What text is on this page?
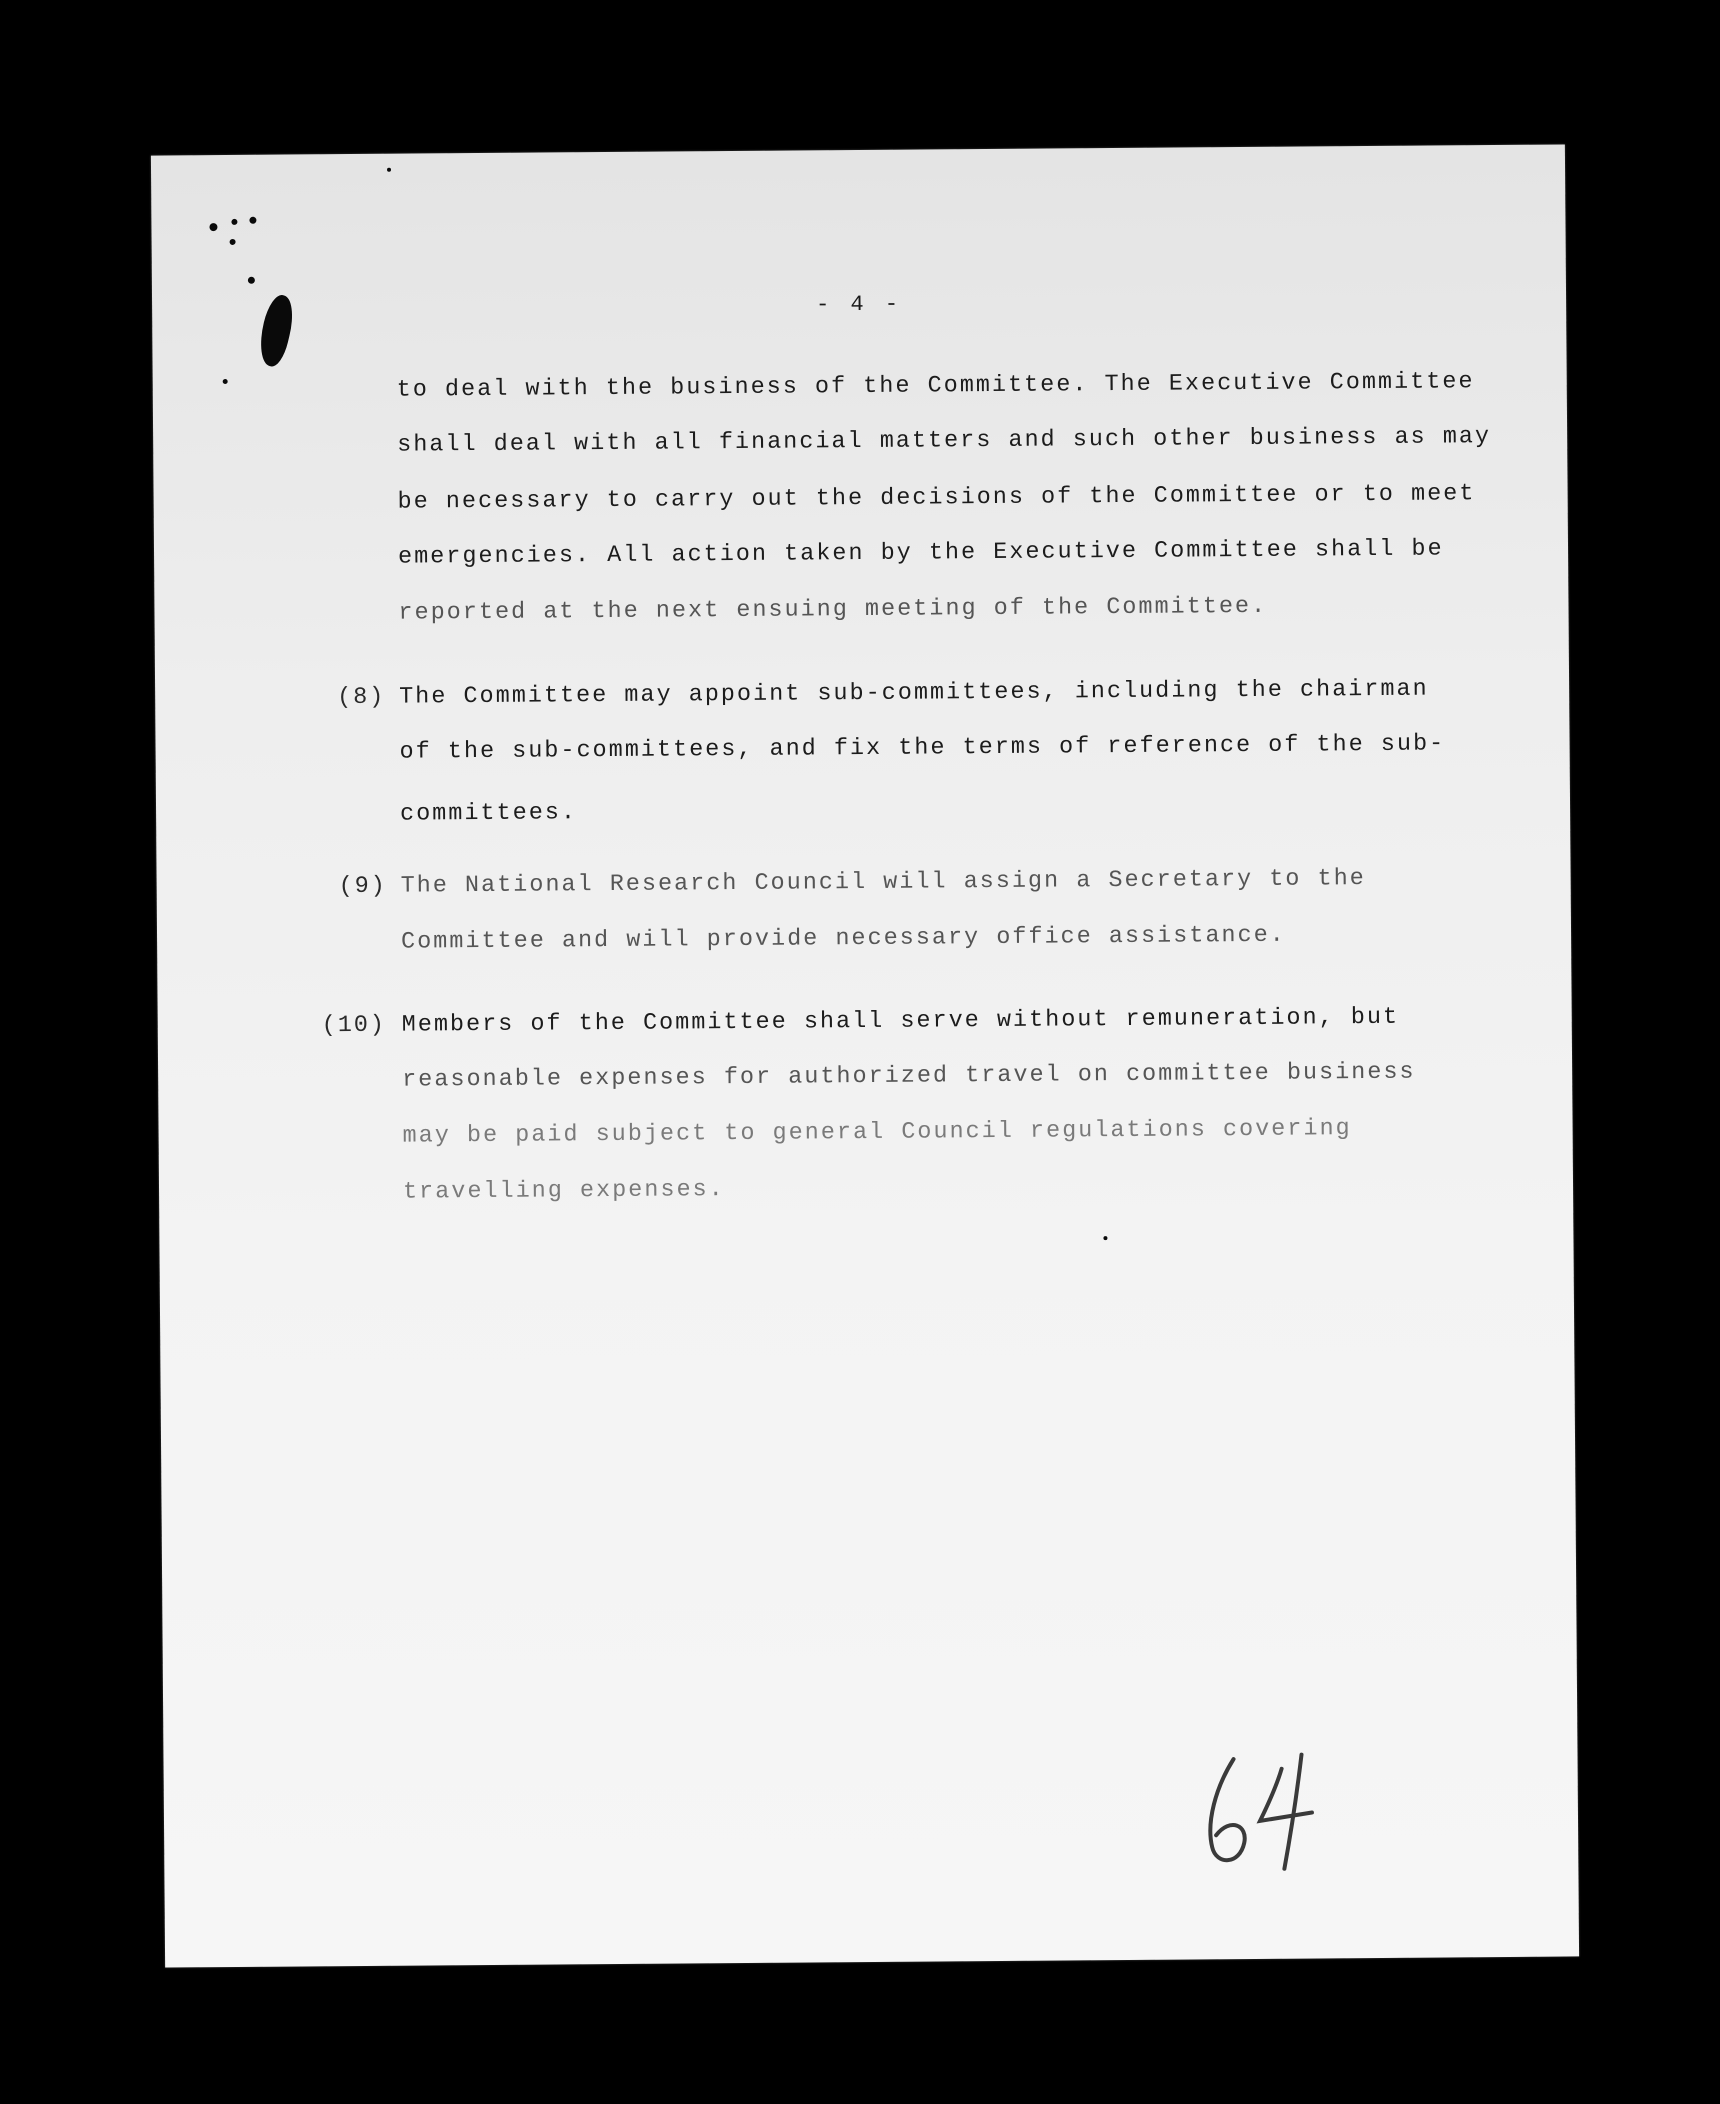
- 4 -
to deal with the business of the Committee. The Executive Committee
shall deal with all financial matters and such other business as may
be necessary to carry out the decisions of the Committee or to meet
emergencies. All action taken by the Executive Committee shall be
reported at the next ensuing meeting of the Committee.
(8) The Committee may appoint sub-committees, including the chairman
of the sub-committees, and fix the terms of reference of the sub-
committees.
(9) The National Research Council will assign a Secretary to the
Committee and will provide necessary office assistance.
(10) Members of the Committee shall serve without remuneration, but
reasonable expenses for authorized travel on committee business
may be paid subject to general Council regulations covering
travelling expenses.
